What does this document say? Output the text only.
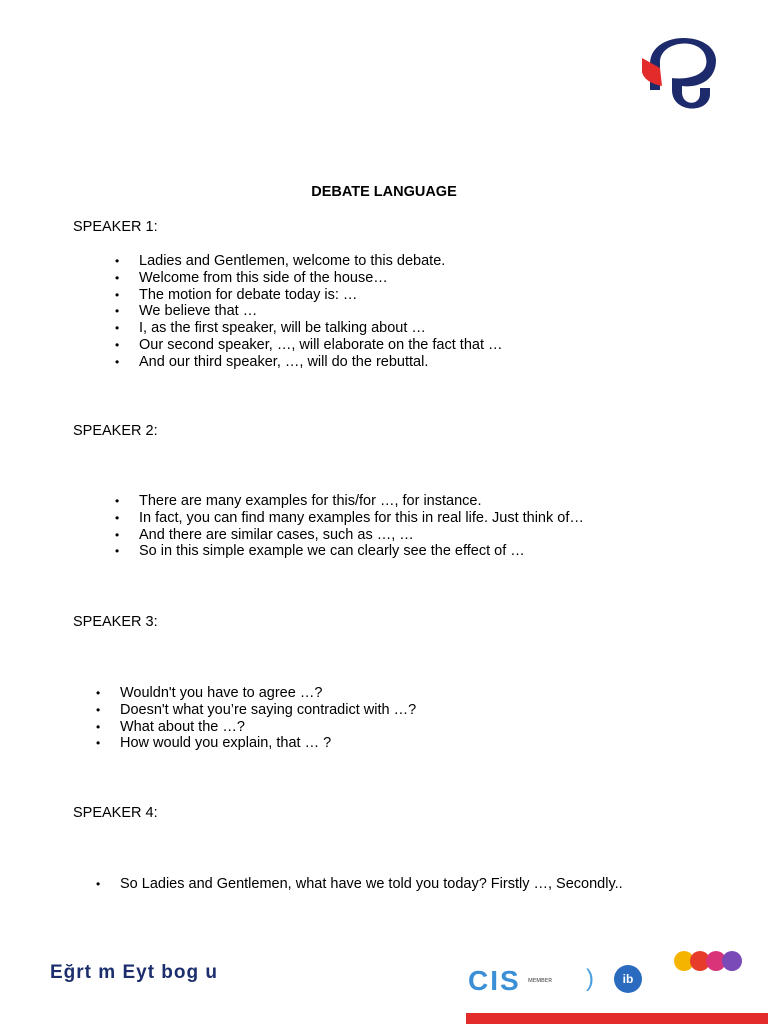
DEBATE LANGUAGE
SPEAKER 1:
• Ladies and Gentlemen, welcome to this debate.
• Welcome from this side of the house…
• The motion for debate today is: …
• We believe that …
• I, as the first speaker, will be talking about …
• Our second speaker, …, will elaborate on the fact that …
• And our third speaker, …, will do the rebuttal.
SPEAKER 2:
• There are many examples for this/for …, for instance.
• In fact, you can find many examples for this in real life. Just think of…
• And there are similar cases, such as …, …
• So in this simple example we can clearly see the effect of …
SPEAKER 3:
• Wouldn't you have to agree …?
• Doesn't what you’re saying contradict with …?
• What about the …?
• How would you explain, that … ?
SPEAKER 4:
• So Ladies and Gentlemen, what have we told you today? Firstly …, Secondly..
Eğrt m Eyt bog u	CIS ᴍᴇᴍʙᴇʀ )	ib
